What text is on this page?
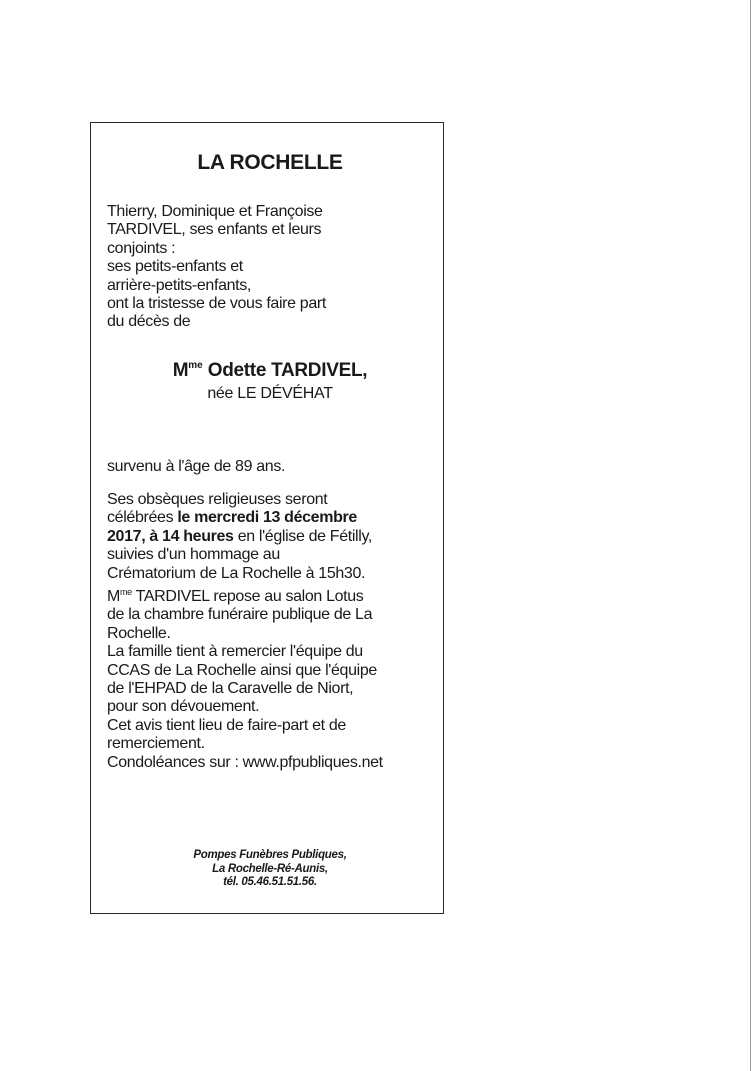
LA ROCHELLE
Thierry, Dominique et Françoise
TARDIVEL, ses enfants et leurs
conjoints :
ses petits-enfants et
arrière-petits-enfants,
ont la tristesse de vous faire part
du décès de
$M^{me}$ Odette TARDIVEL,
née LE DÉVÉHAT
survenu à l'âge de 89 ans.
Ses obsèques religieuses seront
célébrées le mercredi 13 décembre
2017, à 14 heures en l'église de Fétilly,
suivies d'un hommage au
Crématorium de La Rochelle à 15h30.
$M^{me}$ TARDIVEL repose au salon Lotus
de la chambre funéraire publique de La
Rochelle.
La famille tient à remercier l'équipe du
CCAS de La Rochelle ainsi que l'équipe
de l'EHPAD de la Caravelle de Niort,
pour son dévouement.
Cet avis tient lieu de faire-part et de
remerciement.
Condoléances sur : www.pfpubliques.net
Pompes Funèbres Publiques,
La Rochelle-Ré-Aunis,
tél. 05.46.51.51.56.
